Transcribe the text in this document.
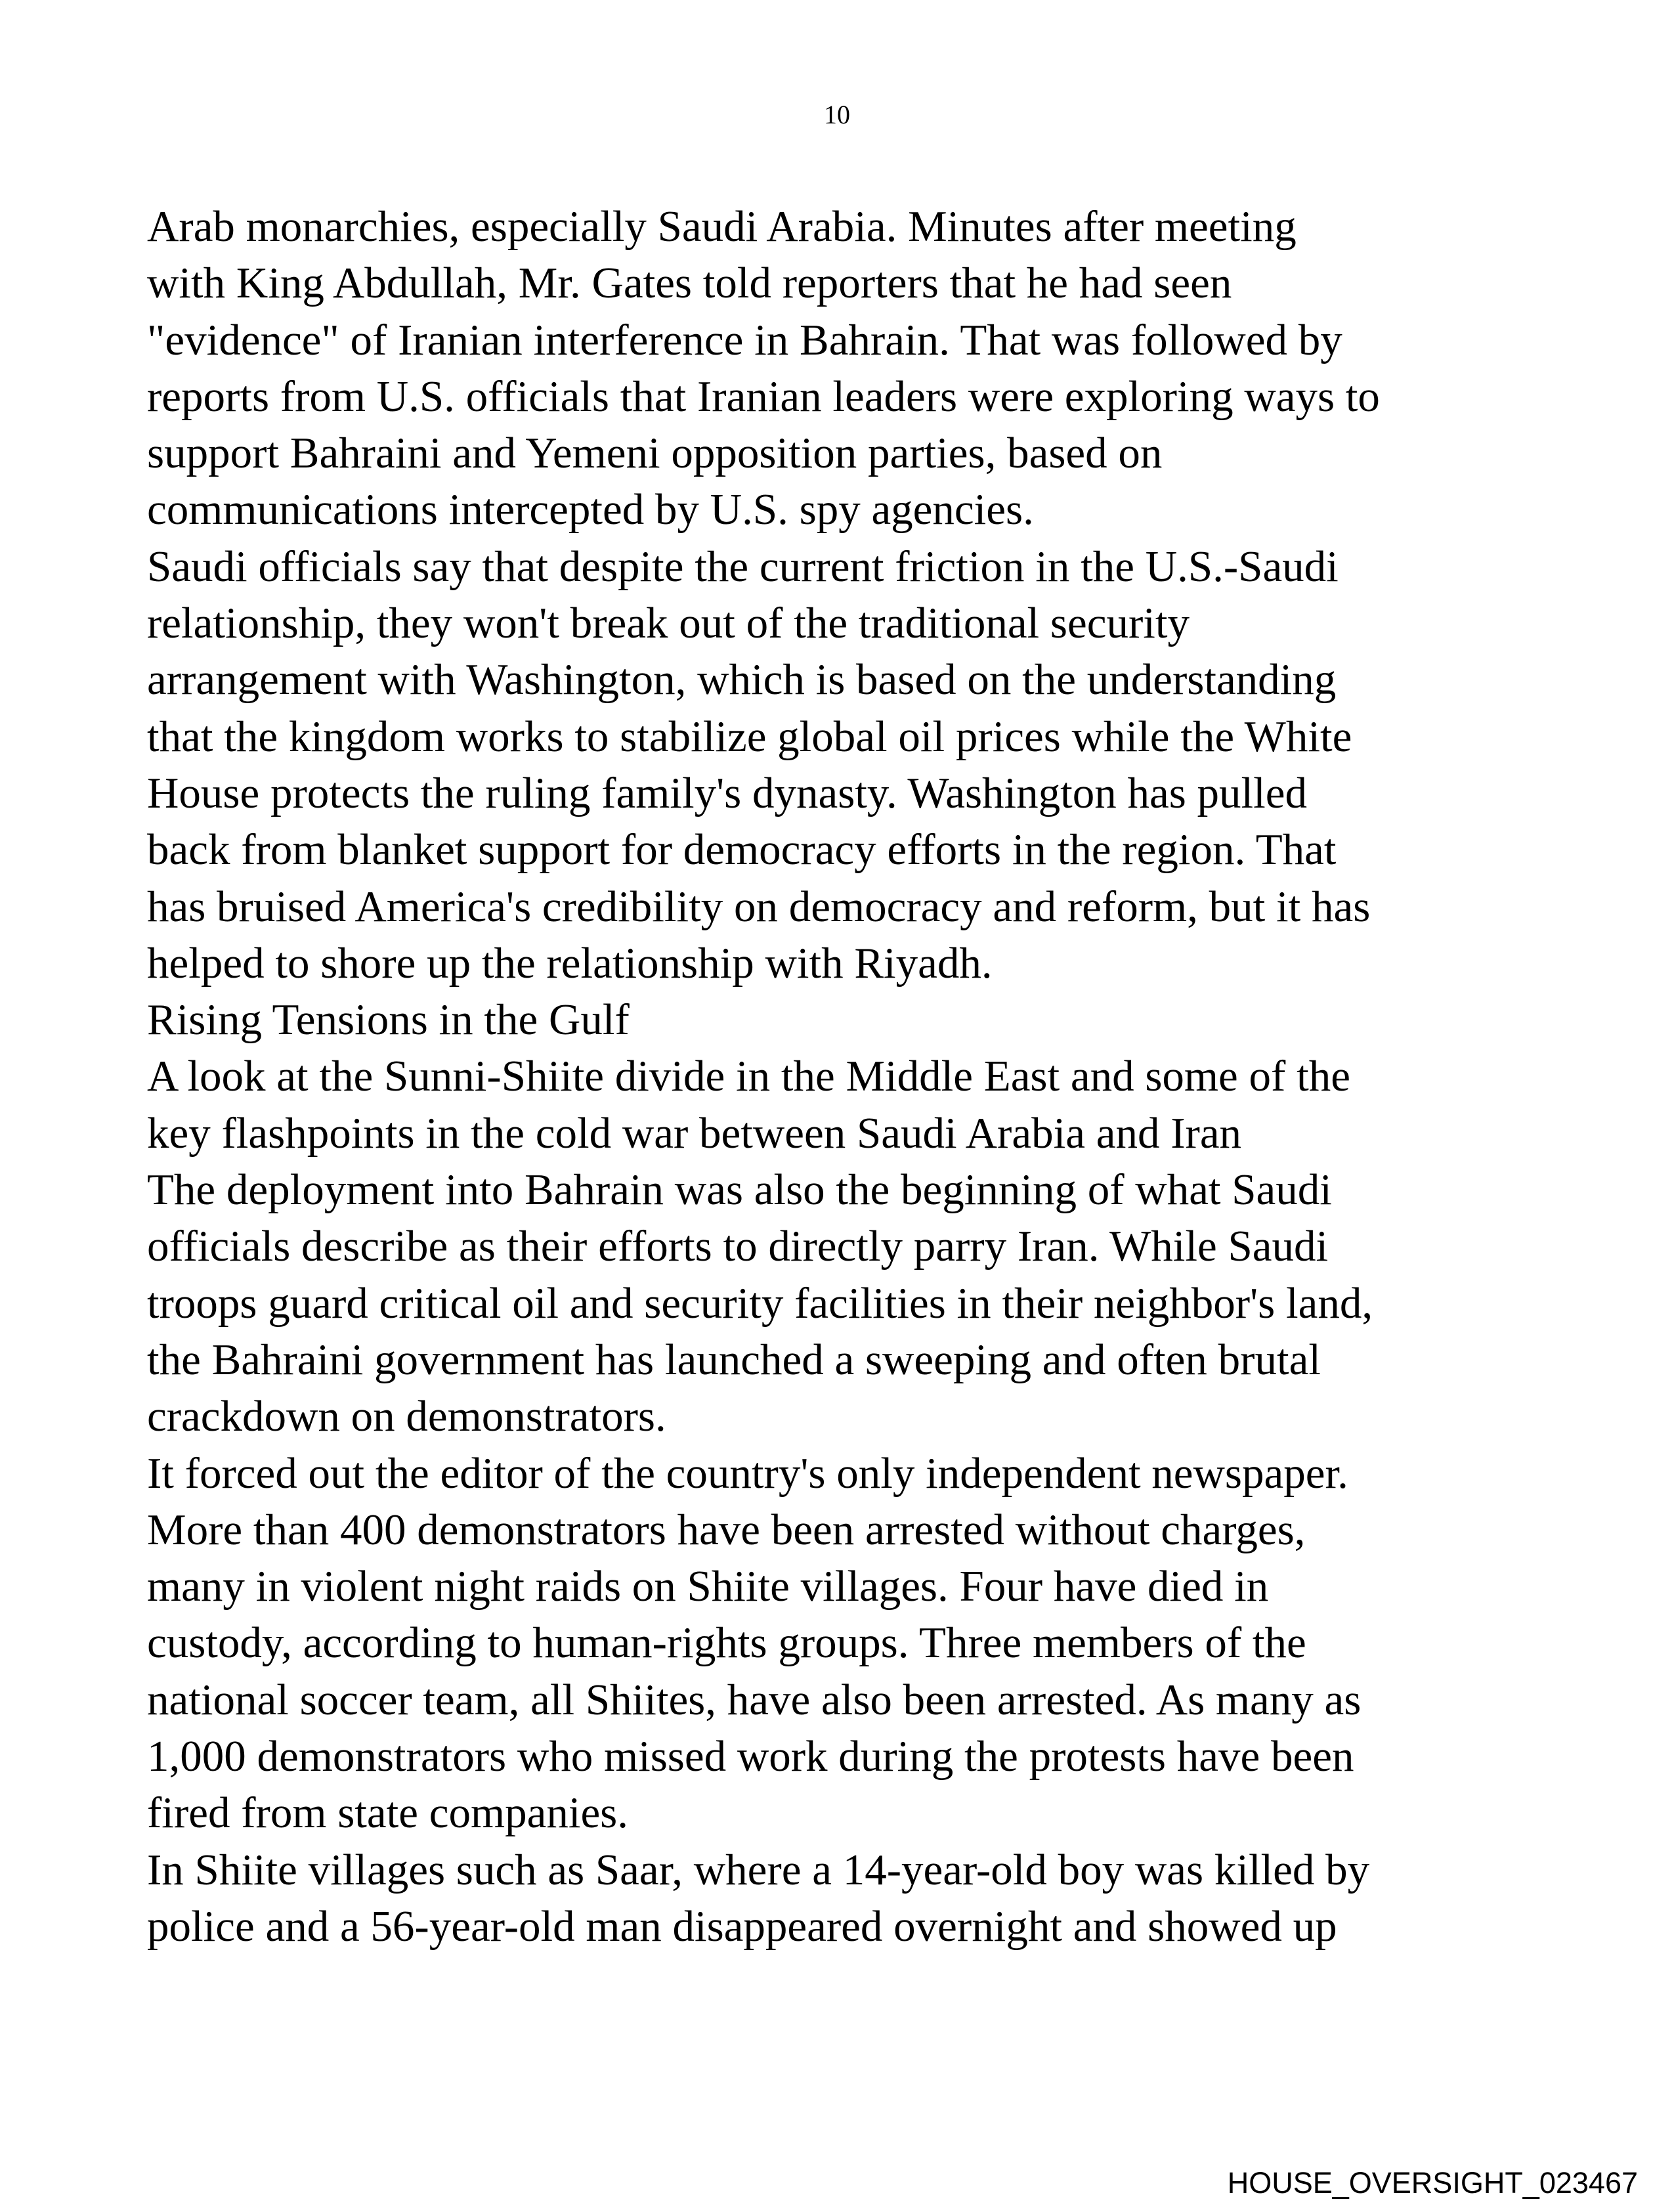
10
Arab monarchies, especially Saudi Arabia. Minutes after meeting
with King Abdullah, Mr. Gates told reporters that he had seen
"evidence" of Iranian interference in Bahrain. That was followed by
reports from U.S. officials that Iranian leaders were exploring ways to
support Bahraini and Yemeni opposition parties, based on
communications intercepted by U.S. spy agencies.
Saudi officials say that despite the current friction in the U.S.-Saudi
relationship, they won't break out of the traditional security
arrangement with Washington, which is based on the understanding
that the kingdom works to stabilize global oil prices while the White
House protects the ruling family's dynasty. Washington has pulled
back from blanket support for democracy efforts in the region. That
has bruised America's credibility on democracy and reform, but it has
helped to shore up the relationship with Riyadh.
Rising Tensions in the Gulf
A look at the Sunni-Shiite divide in the Middle East and some of the
key flashpoints in the cold war between Saudi Arabia and Iran
The deployment into Bahrain was also the beginning of what Saudi
officials describe as their efforts to directly parry Iran. While Saudi
troops guard critical oil and security facilities in their neighbor's land,
the Bahraini government has launched a sweeping and often brutal
crackdown on demonstrators.
It forced out the editor of the country's only independent newspaper.
More than 400 demonstrators have been arrested without charges,
many in violent night raids on Shiite villages. Four have died in
custody, according to human-rights groups. Three members of the
national soccer team, all Shiites, have also been arrested. As many as
1,000 demonstrators who missed work during the protests have been
fired from state companies.
In Shiite villages such as Saar, where a 14-year-old boy was killed by
police and a 56-year-old man disappeared overnight and showed up
HOUSE_OVERSIGHT_023467
